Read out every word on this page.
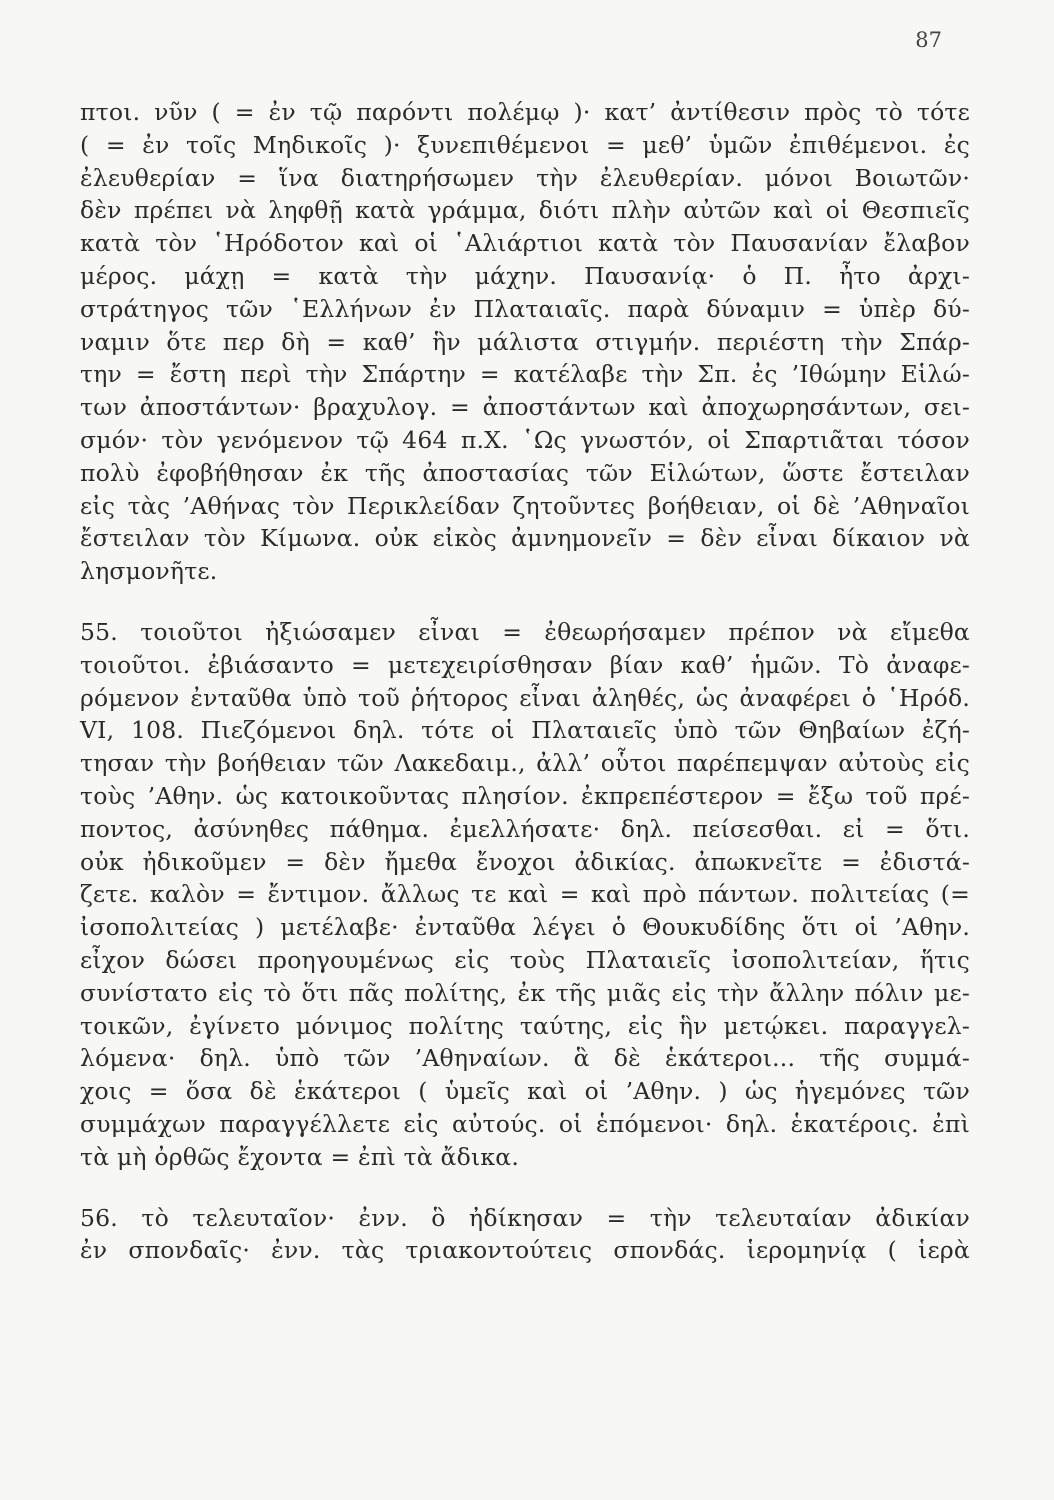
87
πτοι. νῦν ( = ἐν τῷ παρόντι πολέμῳ )· κατ’ ἀντίθεσιν πρὸς τὸ τότε
( = ἐν τοῖς Μηδικοῖς )· ξυνεπιθέμενοι = μεθ’ ὑμῶν ἐπιθέμενοι. ἐς
ἐλευθερίαν = ἵνα διατηρήσωμεν τὴν ἐλευθερίαν. μόνοι Βοιωτῶν·
δὲν πρέπει νὰ ληφθῇ κατὰ γράμμα, διότι πλὴν αὐτῶν καὶ οἱ Θεσπιεῖς
κατὰ τὸν ῾Ηρόδοτον καὶ οἱ ῾Αλιάρτιοι κατὰ τὸν Παυσανίαν ἔλαβον
μέρος. μάχῃ = κατὰ τὴν μάχην. Παυσανίᾳ· ὁ Π. ἦτο ἀρχι-
στράτηγος τῶν ῾Ελλήνων ἐν Πλαταιαῖς. παρὰ δύναμιν = ὑπὲρ δύ-
ναμιν ὅτε περ δὴ = καθ’ ἣν μάλιστα στιγμήν. περιέστη τὴν Σπάρ-
την = ἔστη περὶ τὴν Σπάρτην = κατέλαβε τὴν Σπ. ἐς ’Ιθώμην Εἱλώ-
των ἀποστάντων· βραχυλογ. = ἀποστάντων καὶ ἀποχωρησάντων, σει-
σμόν· τὸν γενόμενον τῷ 464 π.Χ. ῾Ως γνωστόν, οἱ Σπαρτιᾶται τόσον
πολὺ ἐφοβήθησαν ἐκ τῆς ἀποστασίας τῶν Εἱλώτων, ὥστε ἔστειλαν
εἰς τὰς ’Αθήνας τὸν Περικλείδαν ζητοῦντες βοήθειαν, οἱ δὲ ’Αθηναῖοι
ἔστειλαν τὸν Κίμωνα. οὐκ εἰκὸς ἀμνημονεῖν = δὲν εἶναι δίκαιον νὰ
λησμονῆτε.
55. τοιοῦτοι ἠξιώσαμεν εἶναι = ἐθεωρήσαμεν πρέπον νὰ εἴμεθα
τοιοῦτοι. ἐβιάσαντο = μετεχειρίσθησαν βίαν καθ’ ἡμῶν. Τὸ ἀναφε-
ρόμενον ἐνταῦθα ὑπὸ τοῦ ῥήτορος εἶναι ἀληθές, ὡς ἀναφέρει ὁ ῾Ηρόδ.
VI, 108. Πιεζόμενοι δηλ. τότε οἱ Πλαταιεῖς ὑπὸ τῶν Θηβαίων ἐζή-
τησαν τὴν βοήθειαν τῶν Λακεδαιμ., ἀλλ’ οὗτοι παρέπεμψαν αὐτοὺς εἰς
τοὺς ’Αθην. ὡς κατοικοῦντας πλησίον. ἐκπρεπέστερον = ἔξω τοῦ πρέ-
ποντος, ἀσύνηθες πάθημα. ἐμελλήσατε· δηλ. πείσεσθαι. εἰ = ὅτι.
οὐκ ἠδικοῦμεν = δὲν ἤμεθα ἔνοχοι ἀδικίας. ἀπωκνεῖτε = ἐδιστά-
ζετε. καλὸν = ἔντιμον. ἄλλως τε καὶ = καὶ πρὸ πάντων. πολιτείας (=
ἰσοπολιτείας ) μετέλαβε· ἐνταῦθα λέγει ὁ Θουκυδίδης ὅτι οἱ ’Αθην.
εἶχον δώσει προηγουμένως εἰς τοὺς Πλαταιεῖς ἰσοπολιτείαν, ἥτις
συνίστατο εἰς τὸ ὅτι πᾶς πολίτης, ἐκ τῆς μιᾶς εἰς τὴν ἄλλην πόλιν με-
τοικῶν, ἐγίνετο μόνιμος πολίτης ταύτης, εἰς ἣν μετῴκει. παραγγελ-
λόμενα· δηλ. ὑπὸ τῶν ’Αθηναίων. ἃ δὲ ἑκάτεροι... τῆς συμμά-
χοις = ὅσα δὲ ἑκάτεροι ( ὑμεῖς καὶ οἱ ’Αθην. ) ὡς ἡγεμόνες τῶν
συμμάχων παραγγέλλετε εἰς αὐτούς. οἱ ἑπόμενοι· δηλ. ἑκατέροις. ἐπὶ
τὰ μὴ ὀρθῶς ἔχοντα = ἐπὶ τὰ ἄδικα.
56. τὸ τελευταῖον· ἐνν. ὃ ἠδίκησαν = τὴν τελευταίαν ἀδικίαν
ἐν σπονδαῖς· ἐνν. τὰς τριακοντούτεις σπονδάς. ἱερομηνίᾳ ( ἱερὰ
